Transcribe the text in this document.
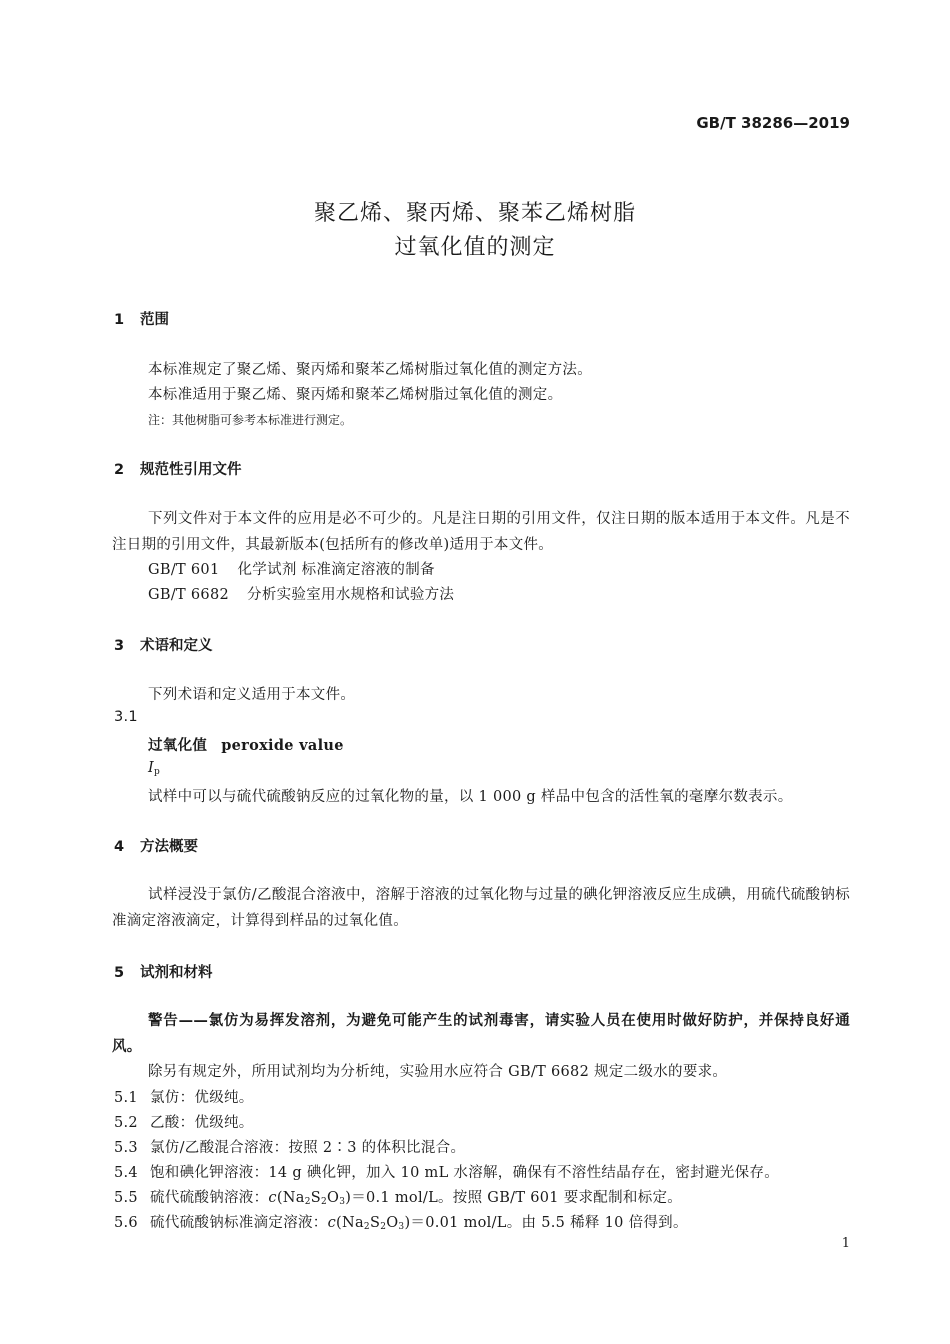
GB/T 38286—2019
聚乙烯、聚丙烯、聚苯乙烯树脂
过氧化值的测定
1 范围
本标准规定了聚乙烯、聚丙烯和聚苯乙烯树脂过氧化值的测定方法。
本标准适用于聚乙烯、聚丙烯和聚苯乙烯树脂过氧化值的测定。
注：其他树脂可参考本标准进行测定。
2 规范性引用文件
下列文件对于本文件的应用是必不可少的。凡是注日期的引用文件，仅注日期的版本适用于本文件。凡是不注日期的引用文件，其最新版本(包括所有的修改单)适用于本文件。
GB/T 601 化学试剂 标准滴定溶液的制备
GB/T 6682 分析实验室用水规格和试验方法
3 术语和定义
下列术语和定义适用于本文件。
3.1
过氧化值 peroxide value
$I_p$
试样中可以与硫代硫酸钠反应的过氧化物的量，以 1 000 g 样品中包含的活性氧的毫摩尔数表示。
4 方法概要
试样浸没于氯仿/乙酸混合溶液中，溶解于溶液的过氧化物与过量的碘化钾溶液反应生成碘，用硫代硫酸钠标准滴定溶液滴定，计算得到样品的过氧化值。
5 试剂和材料
警告——氯仿为易挥发溶剂，为避免可能产生的试剂毒害，请实验人员在使用时做好防护，并保持良好通风。
除另有规定外，所用试剂均为分析纯，实验用水应符合 GB/T 6682 规定二级水的要求。
5.1 氯仿：优级纯。
5.2 乙酸：优级纯。
5.3 氯仿/乙酸混合溶液：按照 2∶3 的体积比混合。
5.4 饱和碘化钾溶液：14 g 碘化钾，加入 10 mL 水溶解，确保有不溶性结晶存在，密封避光保存。
5.5 硫代硫酸钠溶液：$c(Na_2S_2O_3)=0.1$ mol/L。按照 GB/T 601 要求配制和标定。
5.6 硫代硫酸钠标准滴定溶液：$c(Na_2S_2O_3)=0.01$ mol/L。由 5.5 稀释 10 倍得到。
1
